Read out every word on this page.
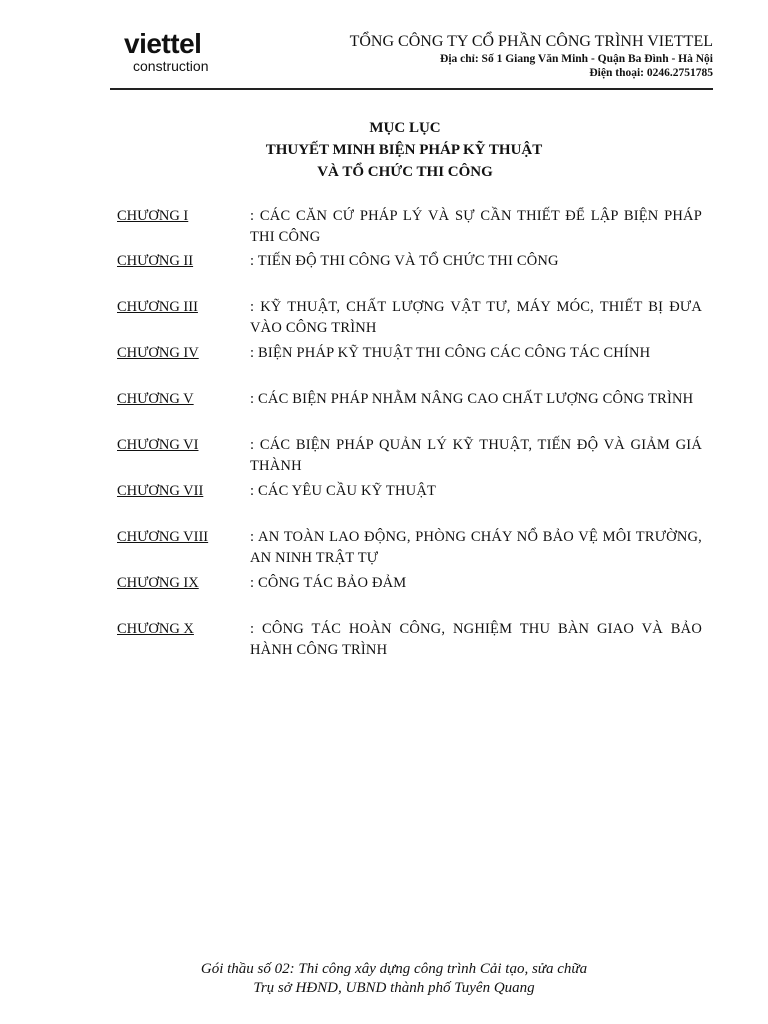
viettel
construction
TỔNG CÔNG TY CỔ PHẦN CÔNG TRÌNH VIETTEL
Địa chỉ: Số 1 Giang Văn Minh - Quận Ba Đình - Hà Nội
Điện thoại: 0246.2751785
MỤC LỤC
THUYẾT MINH BIỆN PHÁP KỸ THUẬT
VÀ TỔ CHỨC THI CÔNG
CHƯƠNG I	: CÁC CĂN CỨ PHÁP LÝ VÀ SỰ CẦN THIẾT ĐỂ LẬP BIỆN PHÁP THI CÔNG
CHƯƠNG II	: TIẾN ĐỘ THI CÔNG VÀ TỔ CHỨC THI CÔNG
CHƯƠNG III	: KỸ THUẬT, CHẤT LƯỢNG VẬT TƯ, MÁY MÓC, THIẾT BỊ ĐƯA VÀO CÔNG TRÌNH
CHƯƠNG IV	: BIỆN PHÁP KỸ THUẬT THI CÔNG CÁC CÔNG TÁC CHÍNH
CHƯƠNG V	: CÁC BIỆN PHÁP NHẰM NÂNG CAO CHẤT LƯỢNG CÔNG TRÌNH
CHƯƠNG VI	: CÁC BIỆN PHÁP QUẢN LÝ KỸ THUẬT, TIẾN ĐỘ VÀ GIẢM GIÁ THÀNH
CHƯƠNG VII	: CÁC YÊU CẦU KỸ THUẬT
CHƯƠNG VIII	: AN TOÀN LAO ĐỘNG, PHÒNG CHÁY NỔ BẢO VỆ MÔI TRƯỜNG, AN NINH TRẬT TỰ
CHƯƠNG IX	: CÔNG TÁC BẢO ĐẢM
CHƯƠNG X	: CÔNG TÁC HOÀN CÔNG, NGHIỆM THU BÀN GIAO VÀ BẢO HÀNH CÔNG TRÌNH
Gói thầu số 02: Thi công xây dựng công trình Cải tạo, sửa chữa
Trụ sở HĐND, UBND thành phố Tuyên Quang
